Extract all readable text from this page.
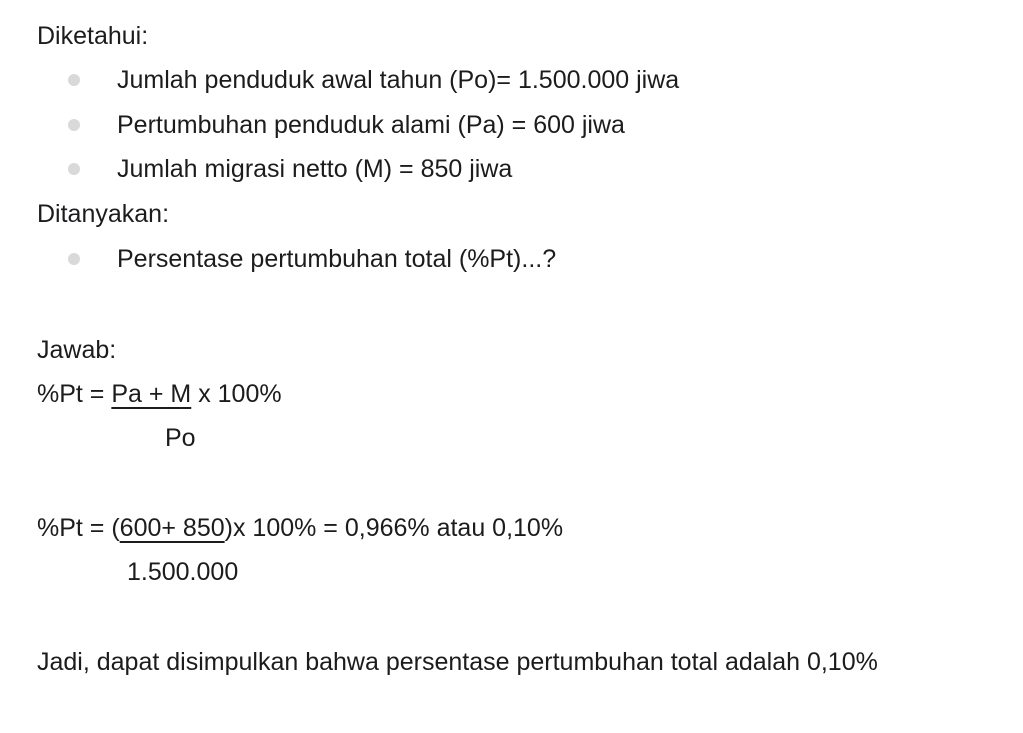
Diketahui:
Jumlah penduduk awal tahun (Po)= 1.500.000 jiwa
Pertumbuhan penduduk alami (Pa) = 600 jiwa
Jumlah migrasi netto (M) = 850 jiwa
Ditanyakan:
Persentase pertumbuhan total (%Pt)...?
Jawab:
%Pt = Pa + M x 100%
Po
%Pt = (600+ 850)x 100% = 0,966% atau 0,10%
1.500.000
Jadi, dapat disimpulkan bahwa persentase pertumbuhan total adalah 0,10%
